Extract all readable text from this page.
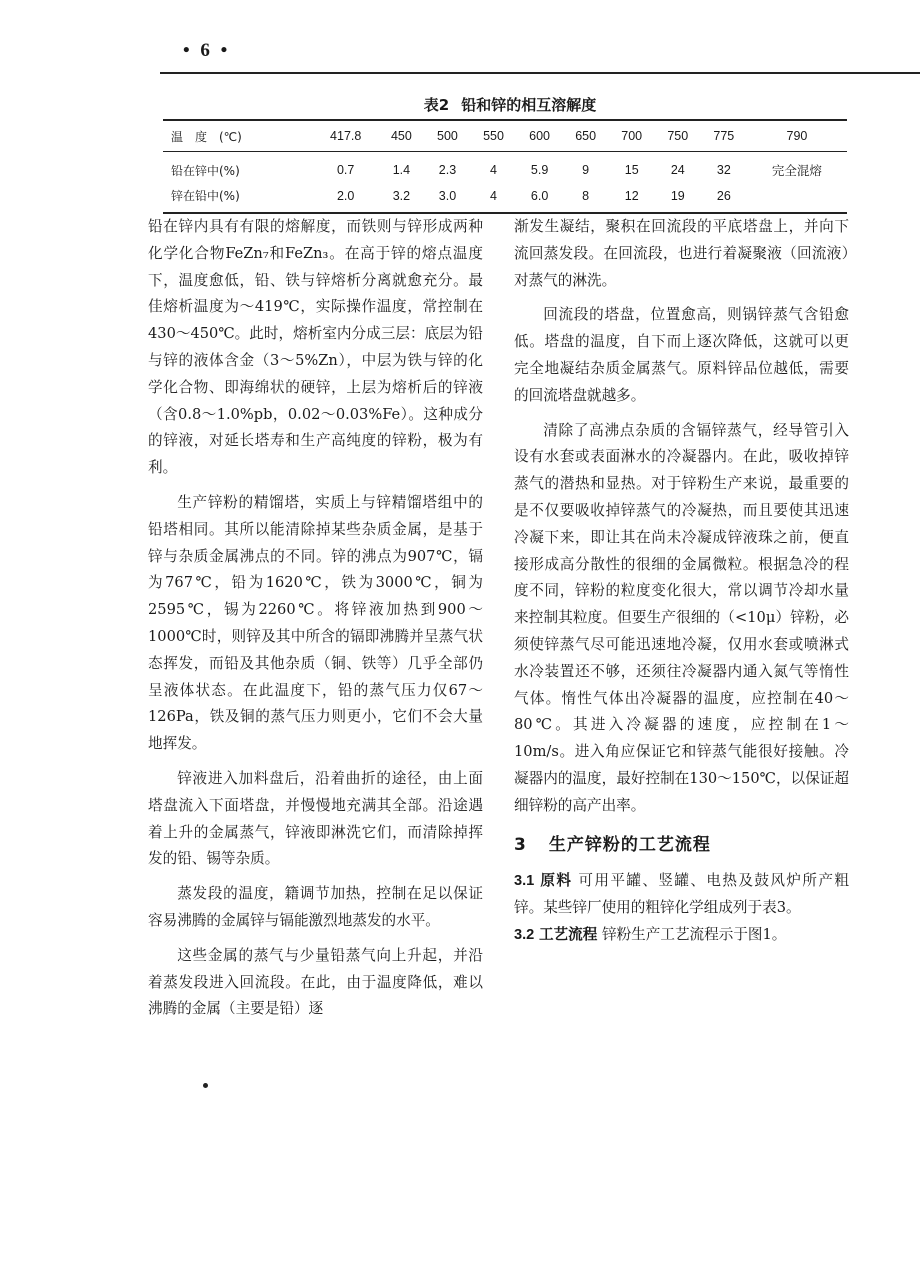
• 6 •
表2 铅和锌的相互溶解度
温　度　(℃)	417.8	450	500	550	600	650	700	750	775	790
铅在锌中(%)	0.7	1.4	2.3	4	5.9	9	15	24	32	完全混熔
锌在铅中(%)	2.0	3.2	3.0	4	6.0	8	12	19	26	

铅在锌内具有有限的熔解度，而铁则与锌形成两种化学化合物FeZn₇和FeZn₃。在高于锌的熔点温度下，温度愈低，铅、铁与锌熔析分离就愈充分。最佳熔析温度为～419℃，实际操作温度，常控制在430～450℃。此时，熔析室内分成三层：底层为铅与锌的液体含金（3～5%Zn），中层为铁与锌的化学化合物、即海绵状的硬锌，上层为熔析后的锌液（含0.8～1.0%pb，0.02～0.03%Fe）。这种成分的锌液，对延长塔寿和生产高纯度的锌粉，极为有利。

生产锌粉的精馏塔，实质上与锌精馏塔组中的铅塔相同。其所以能清除掉某些杂质金属，是基于锌与杂质金属沸点的不同。锌的沸点为907℃，镉为767℃，铅为1620℃，铁为3000℃，铜为2595℃，锡为2260℃。将锌液加热到900～1000℃时，则锌及其中所含的镉即沸腾并呈蒸气状态挥发，而铅及其他杂质（铜、铁等）几乎全部仍呈液体状态。在此温度下，铅的蒸气压力仅67～126Pa，铁及铜的蒸气压力则更小，它们不会大量地挥发。

锌液进入加料盘后，沿着曲折的途径，由上面塔盘流入下面塔盘，并慢慢地充满其全部。沿途遇着上升的金属蒸气，锌液即淋洗它们，而清除掉挥发的铅、锡等杂质。

蒸发段的温度，籍调节加热，控制在足以保证容易沸腾的金属锌与镉能激烈地蒸发的水平。

这些金属的蒸气与少量铅蒸气向上升起，并沿着蒸发段进入回流段。在此，由于温度降低，难以沸腾的金属（主要是铅）逐

渐发生凝结，聚积在回流段的平底塔盘上，并向下流回蒸发段。在回流段，也进行着凝聚液（回流液）对蒸气的淋洗。

回流段的塔盘，位置愈高，则锅锌蒸气含铅愈低。塔盘的温度，自下而上逐次降低，这就可以更完全地凝结杂质金属蒸气。原料锌品位越低，需要的回流塔盘就越多。

清除了高沸点杂质的含镉锌蒸气，经导管引入设有水套或表面淋水的冷凝器内。在此，吸收掉锌蒸气的潜热和显热。对于锌粉生产来说，最重要的是不仅要吸收掉锌蒸气的冷凝热，而且要使其迅速冷凝下来，即让其在尚未冷凝成锌液珠之前，便直接形成高分散性的很细的金属微粒。根据急冷的程度不同，锌粉的粒度变化很大，常以调节冷却水量来控制其粒度。但要生产很细的（<10μ）锌粉，必须使锌蒸气尽可能迅速地冷凝，仅用水套或喷淋式水冷装置还不够，还须往冷凝器内通入氮气等惰性气体。惰性气体出冷凝器的温度，应控制在40～80℃。其进入冷凝器的速度，应控制在1～10m/s。进入角应保证它和锌蒸气能很好接触。冷凝器内的温度，最好控制在130～150℃，以保证超细锌粉的高产出率。

3 生产锌粉的工艺流程

3.1 原料 可用平罐、竖罐、电热及鼓风炉所产粗锌。某些锌厂使用的粗锌化学组成列于表3。

3.2 工艺流程 锌粉生产工艺流程示于图1。
